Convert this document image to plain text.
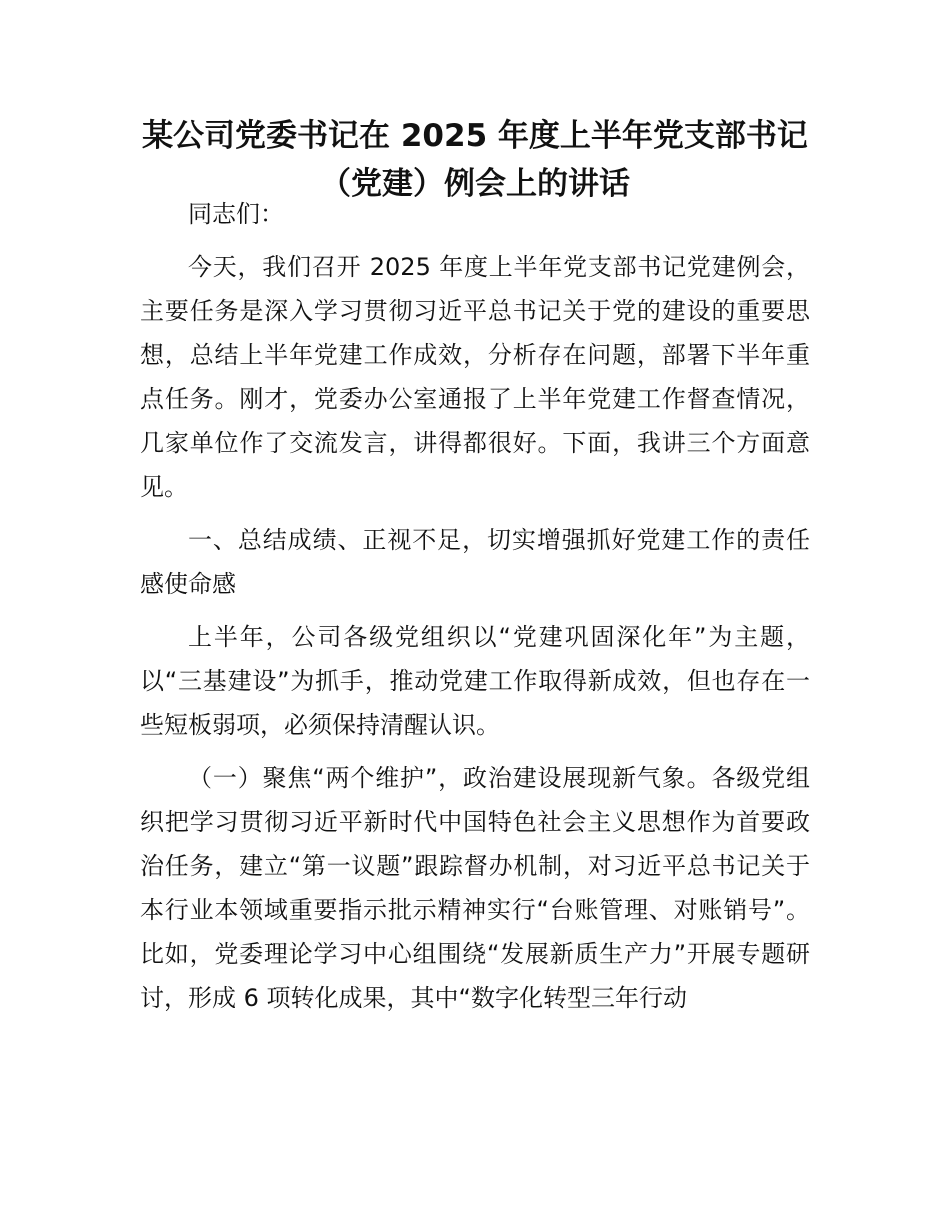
某公司党委书记在 2025 年度上半年党支部书记（党建）例会上的讲话

同志们：

今天，我们召开 2025 年度上半年党支部书记党建例会，主要任务是深入学习贯彻习近平总书记关于党的建设的重要思想，总结上半年党建工作成效，分析存在问题，部署下半年重点任务。刚才，党委办公室通报了上半年党建工作督查情况，几家单位作了交流发言，讲得都很好。下面，我讲三个方面意见。

一、总结成绩、正视不足，切实增强抓好党建工作的责任感使命感

上半年，公司各级党组织以“党建巩固深化年”为主题，以“三基建设”为抓手，推动党建工作取得新成效，但也存在一些短板弱项，必须保持清醒认识。

（一）聚焦“两个维护”，政治建设展现新气象。各级党组织把学习贯彻习近平新时代中国特色社会主义思想作为首要政治任务，建立“第一议题”跟踪督办机制，对习近平总书记关于本行业本领域重要指示批示精神实行“台账管理、对账销号”。比如，党委理论学习中心组围绕“发展新质生产力”开展专题研讨，形成 6 项转化成果，其中“数字化转型三年行动
